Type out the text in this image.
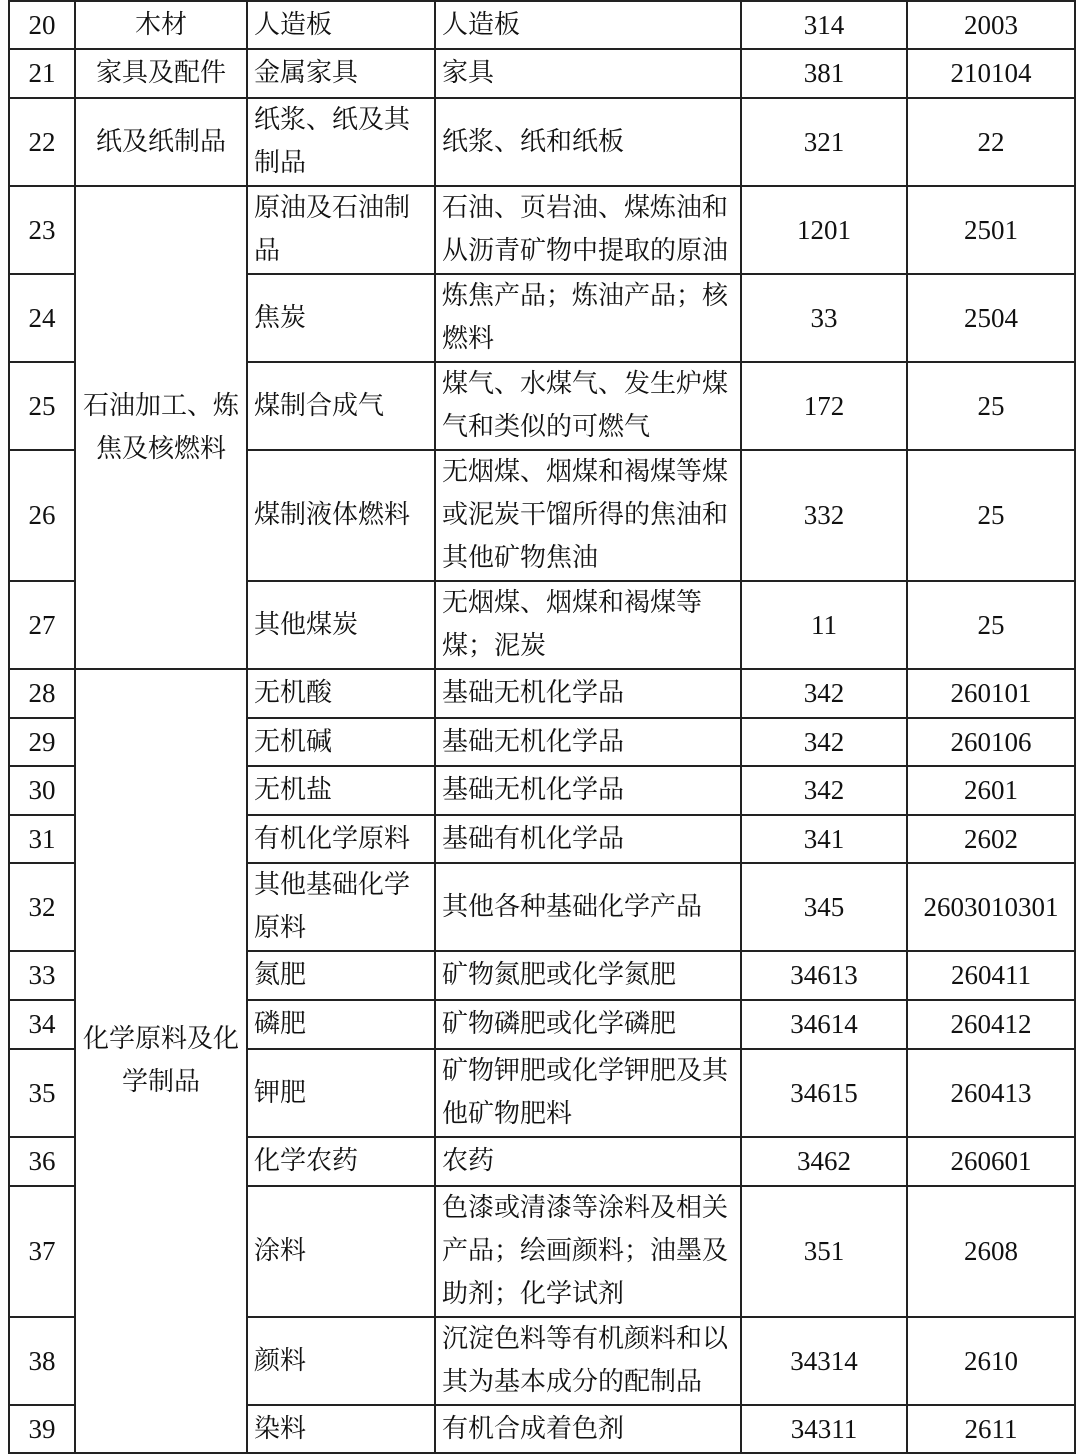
20	木材	人造板	人造板	314	2003
21	家具及配件	金属家具	家具	381	210104
22	纸及纸制品	纸浆、纸及其制品	纸浆、纸和纸板	321	22
23	石油加工、炼焦及核燃料	原油及石油制品	石油、页岩油、煤炼油和从沥青矿物中提取的原油	1201	2501
24		焦炭	炼焦产品；炼油产品；核燃料	33	2504
25		煤制合成气	煤气、水煤气、发生炉煤气和类似的可燃气	172	25
26		煤制液体燃料	无烟煤、烟煤和褐煤等煤或泥炭干馏所得的焦油和其他矿物焦油	332	25
27		其他煤炭	无烟煤、烟煤和褐煤等煤；泥炭	11	25
28	化学原料及化学制品	无机酸	基础无机化学品	342	260101
29		无机碱	基础无机化学品	342	260106
30		无机盐	基础无机化学品	342	2601
31		有机化学原料	基础有机化学品	341	2602
32		其他基础化学原料	其他各种基础化学产品	345	2603010301
33		氮肥	矿物氮肥或化学氮肥	34613	260411
34		磷肥	矿物磷肥或化学磷肥	34614	260412
35		钾肥	矿物钾肥或化学钾肥及其他矿物肥料	34615	260413
36		化学农药	农药	3462	260601
37		涂料	色漆或清漆等涂料及相关产品；绘画颜料；油墨及助剂；化学试剂	351	2608
38		颜料	沉淀色料等有机颜料和以其为基本成分的配制品	34314	2610
39		染料	有机合成着色剂	34311	2611
